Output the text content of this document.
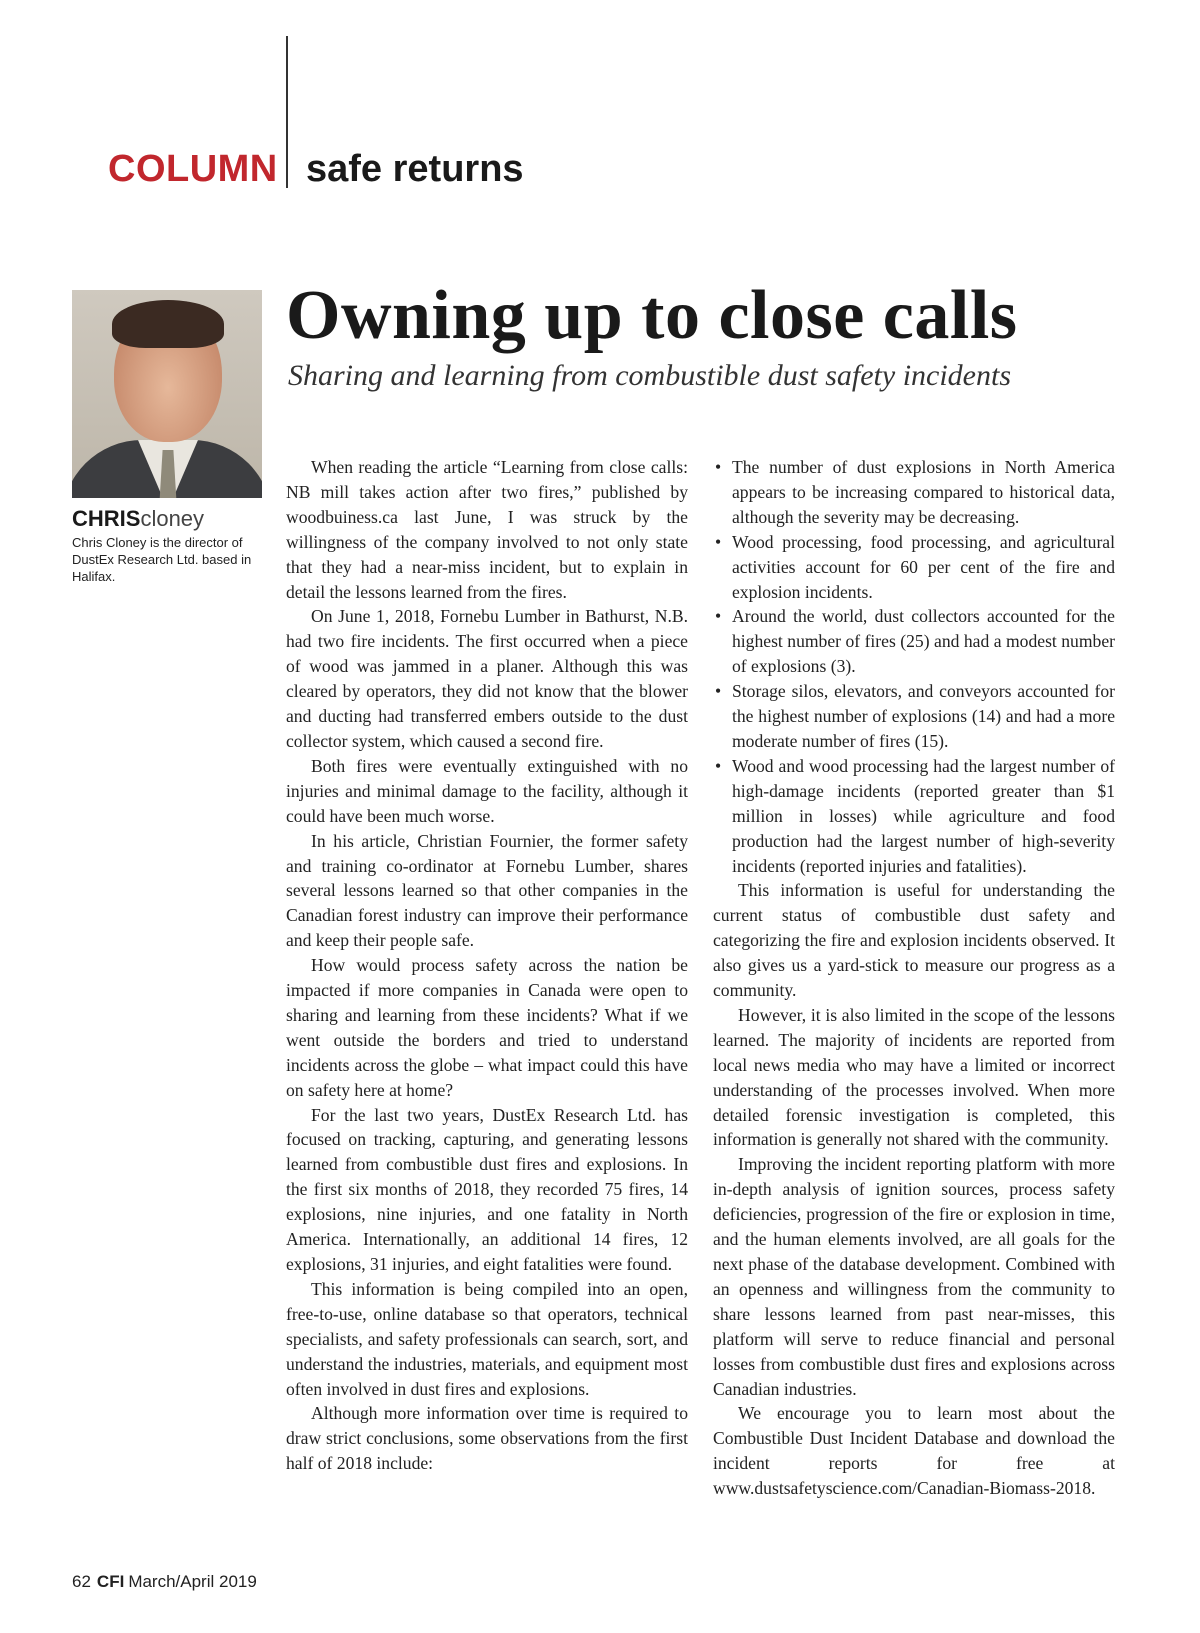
COLUMN safe returns
CHRIScloney
Chris Cloney is the director of DustEx Research Ltd. based in Halifax.
Owning up to close calls
Sharing and learning from combustible dust safety incidents

When reading the article “Learning from close calls: NB mill takes action after two fires,” published by woodbuiness.ca last June, I was struck by the willingness of the company involved to not only state that they had a near-miss incident, but to explain in detail the lessons learned from the fires.

On June 1, 2018, Fornebu Lumber in Bathurst, N.B. had two fire incidents. The first occurred when a piece of wood was jammed in a planer. Although this was cleared by operators, they did not know that the blower and ducting had transferred embers outside to the dust collector system, which caused a second fire.

Both fires were eventually extinguished with no injuries and minimal damage to the facility, although it could have been much worse.

In his article, Christian Fournier, the former safety and training co-ordinator at Fornebu Lumber, shares several lessons learned so that other companies in the Canadian forest industry can improve their performance and keep their people safe.

How would process safety across the nation be impacted if more companies in Canada were open to sharing and learning from these incidents? What if we went outside the borders and tried to understand incidents across the globe – what impact could this have on safety here at home?

For the last two years, DustEx Research Ltd. has focused on tracking, capturing, and generating lessons learned from combustible dust fires and explosions. In the first six months of 2018, they recorded 75 fires, 14 explosions, nine injuries, and one fatality in North America. Internationally, an additional 14 fires, 12 explosions, 31 injuries, and eight fatalities were found.

This information is being compiled into an open, free-to-use, online database so that operators, technical specialists, and safety professionals can search, sort, and understand the industries, materials, and equipment most often involved in dust fires and explosions.

Although more information over time is required to draw strict conclusions, some observations from the first half of 2018 include:

• The number of dust explosions in North America appears to be increasing compared to historical data, although the severity may be decreasing.
• Wood processing, food processing, and agricultural activities account for 60 per cent of the fire and explosion incidents.
• Around the world, dust collectors accounted for the highest number of fires (25) and had a modest number of explosions (3).
• Storage silos, elevators, and conveyors accounted for the highest number of explosions (14) and had a more moderate number of fires (15).
• Wood and wood processing had the largest number of high-damage incidents (reported greater than $1 million in losses) while agriculture and food production had the largest number of high-severity incidents (reported injuries and fatalities).

This information is useful for understanding the current status of combustible dust safety and categorizing the fire and explosion incidents observed. It also gives us a yard-stick to measure our progress as a community.

However, it is also limited in the scope of the lessons learned. The majority of incidents are reported from local news media who may have a limited or incorrect understanding of the processes involved. When more detailed forensic investigation is completed, this information is generally not shared with the community.

Improving the incident reporting platform with more in-depth analysis of ignition sources, process safety deficiencies, progression of the fire or explosion in time, and the human elements involved, are all goals for the next phase of the database development. Combined with an openness and willingness from the community to share lessons learned from past near-misses, this platform will serve to reduce financial and personal losses from combustible dust fires and explosions across Canadian industries.

We encourage you to learn most about the Combustible Dust Incident Database and download the incident reports for free at www.dustsafetyscience.com/Canadian-Biomass-2018.

62 CFI March/April 2019
